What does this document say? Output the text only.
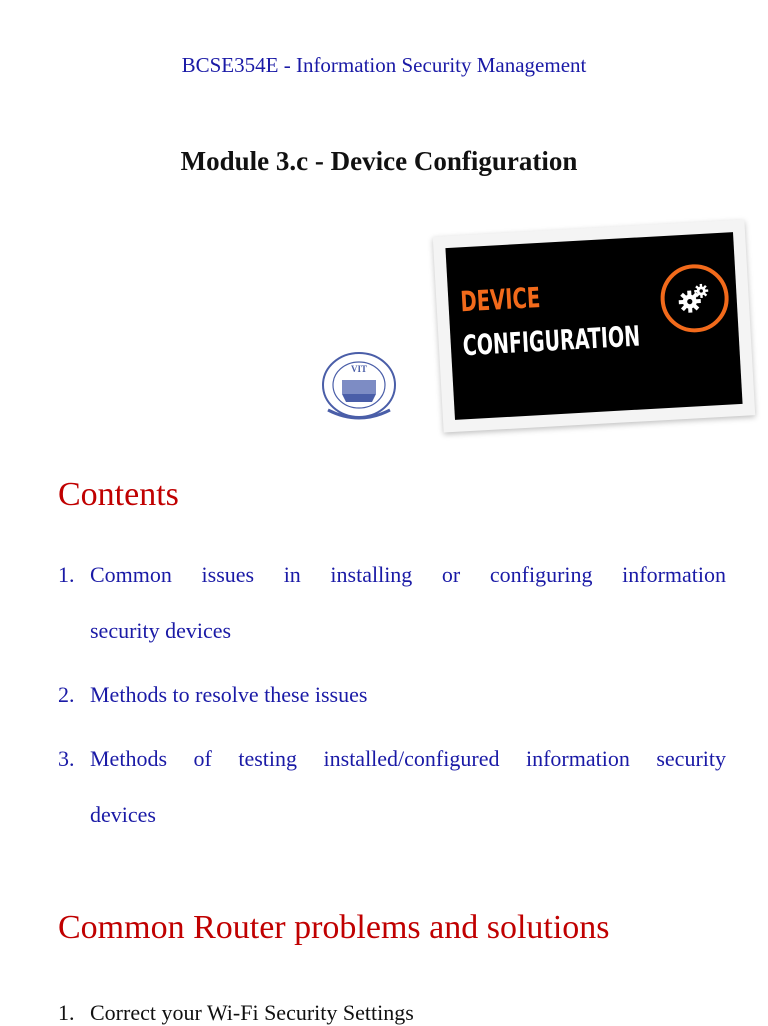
BCSE354E - Information Security Management
Module 3.c - Device Configuration
VIT
DEVICE
CONFIGURATION
Contents
1. Common issues in installing or configuring information
security devices
2. Methods to resolve these issues
3. Methods of testing installed/configured information security
devices
Common Router problems and solutions
1. Correct your Wi-Fi Security Settings
